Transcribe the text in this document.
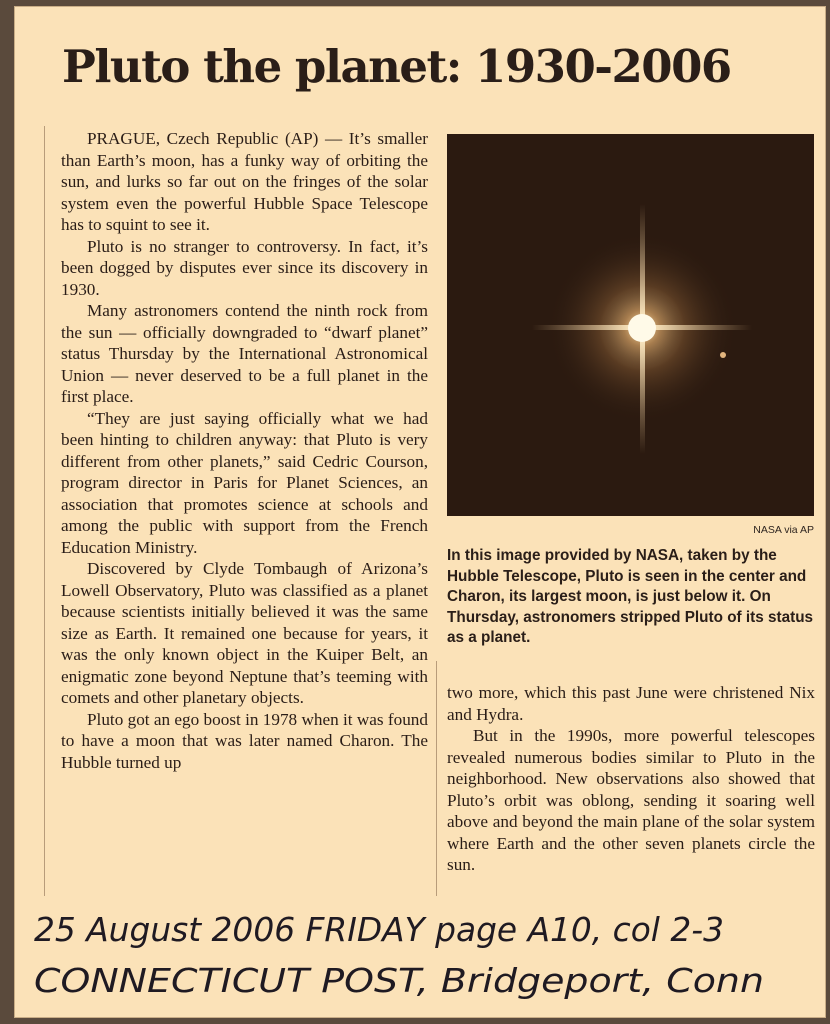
Pluto the planet: 1930-2006

PRAGUE, Czech Republic (AP) — It’s smaller than Earth’s moon, has a funky way of orbiting the sun, and lurks so far out on the fringes of the solar system even the powerful Hubble Space Telescope has to squint to see it.

Pluto is no stranger to controversy. In fact, it’s been dogged by disputes ever since its discovery in 1930.

Many astronomers contend the ninth rock from the sun — officially downgraded to “dwarf planet” status Thursday by the International Astronomical Union — never deserved to be a full planet in the first place.

“They are just saying officially what we had been hinting to children anyway: that Pluto is very different from other planets,” said Cedric Courson, program director in Paris for Planet Sciences, an association that promotes science at schools and among the public with support from the French Education Ministry.

Discovered by Clyde Tombaugh of Arizona’s Lowell Observatory, Pluto was classified as a planet because scientists initially believed it was the same size as Earth. It remained one because for years, it was the only known object in the Kuiper Belt, an enigmatic zone beyond Neptune that’s teeming with comets and other planetary objects.

Pluto got an ego boost in 1978 when it was found to have a moon that was later named Charon. The Hubble turned up

NASA via AP

In this image provided by NASA, taken by the Hubble Telescope, Pluto is seen in the center and Charon, its largest moon, is just below it. On Thursday, astronomers stripped Pluto of its status as a planet.

two more, which this past June were christened Nix and Hydra.

But in the 1990s, more powerful telescopes revealed numerous bodies similar to Pluto in the neighborhood. New observations also showed that Pluto’s orbit was oblong, sending it soaring well above and beyond the main plane of the solar system where Earth and the other seven planets circle the sun.

25 August 2006 FRIDAY page A10, col 2-3
CONNECTICUT POST, Bridgeport, Conn
